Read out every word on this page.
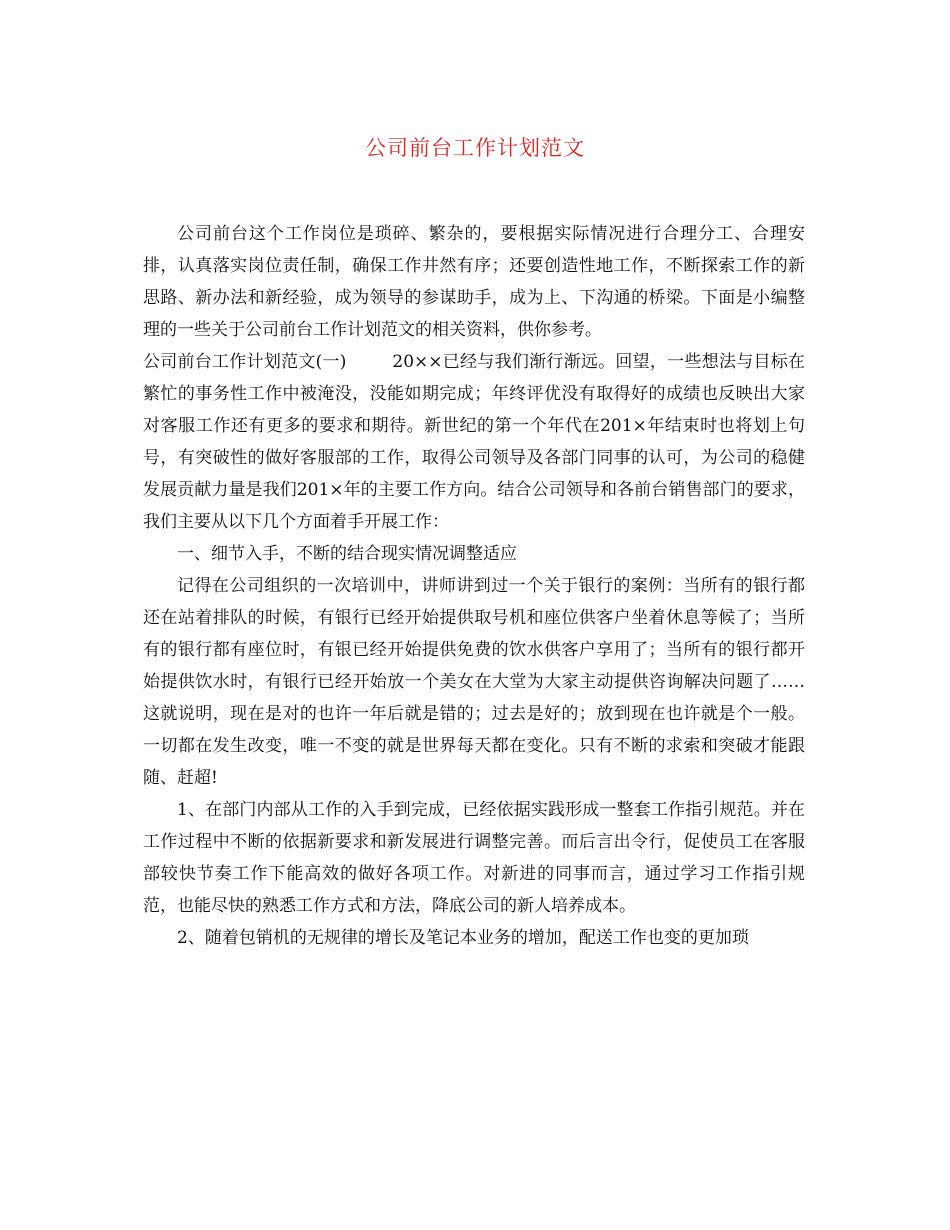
公司前台工作计划范文

公司前台这个工作岗位是琐碎、繁杂的，要根据实际情况进行合理分工、合理安排，认真落实岗位责任制，确保工作井然有序；还要创造性地工作，不断探索工作的新思路、新办法和新经验，成为领导的参谋助手，成为上、下沟通的桥梁。下面是小编整理的一些关于公司前台工作计划范文的相关资料，供你参考。

公司前台工作计划范文(一)	20××已经与我们渐行渐远。回望，一些想法与目标在繁忙的事务性工作中被淹没，没能如期完成；年终评优没有取得好的成绩也反映出大家对客服工作还有更多的要求和期待。新世纪的第一个年代在201×年结束时也将划上句号，有突破性的做好客服部的工作，取得公司领导及各部门同事的认可，为公司的稳健发展贡献力量是我们201×年的主要工作方向。结合公司领导和各前台销售部门的要求，我们主要从以下几个方面着手开展工作：

一、细节入手，不断的结合现实情况调整适应

记得在公司组织的一次培训中，讲师讲到过一个关于银行的案例：当所有的银行都还在站着排队的时候，有银行已经开始提供取号机和座位供客户坐着休息等候了；当所有的银行都有座位时，有银已经开始提供免费的饮水供客户享用了；当所有的银行都开始提供饮水时，有银行已经开始放一个美女在大堂为大家主动提供咨询解决问题了……这就说明，现在是对的也许一年后就是错的；过去是好的；放到现在也许就是个一般。一切都在发生改变，唯一不变的就是世界每天都在变化。只有不断的求索和突破才能跟随、赶超!

1、在部门内部从工作的入手到完成，已经依据实践形成一整套工作指引规范。并在工作过程中不断的依据新要求和新发展进行调整完善。而后言出令行，促使员工在客服部较快节奏工作下能高效的做好各项工作。对新进的同事而言，通过学习工作指引规范，也能尽快的熟悉工作方式和方法，降底公司的新人培养成本。

2、随着包销机的无规律的增长及笔记本业务的增加，配送工作也变的更加琐
